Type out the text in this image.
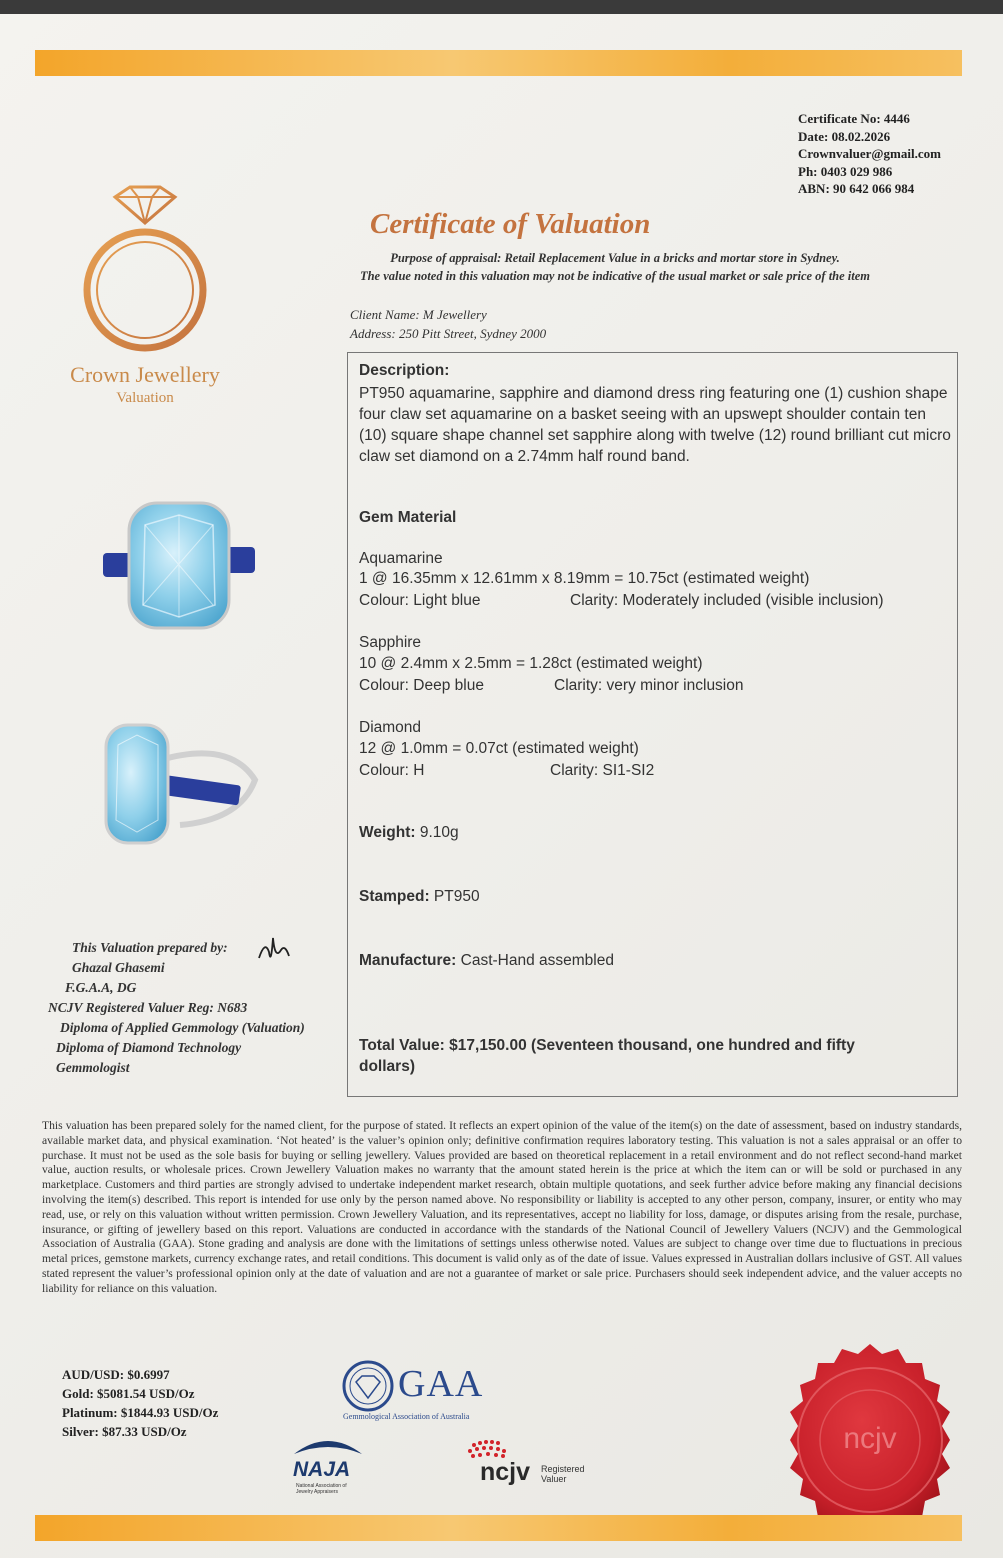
Certificate No: 4446
Date: 08.02.2026
Crownvaluer@gmail.com
Ph: 0403 029 986
ABN: 90 642 066 984
Crown Jewellery
Valuation
Certificate of Valuation
Purpose of appraisal: Retail Replacement Value in a bricks and mortar store in Sydney.
The value noted in this valuation may not be indicative of the usual market or sale price of the item
Client Name: M Jewellery
Address: 250 Pitt Street, Sydney 2000
Description:
PT950 aquamarine, sapphire and diamond dress ring featuring one (1) cushion shape four claw set aquamarine on a basket seeing with an upswept shoulder contain ten (10) square shape channel set sapphire along with twelve (12) round brilliant cut micro claw set diamond on a 2.74mm half round band.
Gem Material
Aquamarine
1 @ 16.35mm x 12.61mm x 8.19mm = 10.75ct (estimated weight)
Colour: Light blue	Clarity: Moderately included (visible inclusion)
Sapphire
10 @ 2.4mm x 2.5mm = 1.28ct (estimated weight)
Colour: Deep blue	Clarity: very minor inclusion
Diamond
12 @ 1.0mm = 0.07ct (estimated weight)
Colour: H	Clarity: SI1-SI2
Weight: 9.10g
Stamped: PT950
Manufacture: Cast-Hand assembled
Total Value: $17,150.00 (Seventeen thousand, one hundred and fifty
dollars)
This Valuation prepared by:
Ghazal Ghasemi
F.G.A.A, DG
NCJV Registered Valuer Reg: N683
Diploma of Applied Gemmology (Valuation)
Diploma of Diamond Technology
Gemmologist
This valuation has been prepared solely for the named client, for the purpose of stated. It reflects an expert opinion of the value of the item(s) on the date of assessment, based on industry standards, available market data, and physical examination. ‘Not heated’ is the valuer’s opinion only; definitive confirmation requires laboratory testing. This valuation is not a sales appraisal or an offer to purchase. It must not be used as the sole basis for buying or selling jewellery. Values provided are based on theoretical replacement in a retail environment and do not reflect second-hand market value, auction results, or wholesale prices. Crown Jewellery Valuation makes no warranty that the amount stated herein is the price at which the item can or will be sold or purchased in any marketplace. Customers and third parties are strongly advised to undertake independent market research, obtain multiple quotations, and seek further advice before making any financial decisions involving the item(s) described. This report is intended for use only by the person named above. No responsibility or liability is accepted to any other person, company, insurer, or entity who may read, use, or rely on this valuation without written permission. Crown Jewellery Valuation, and its representatives, accept no liability for loss, damage, or disputes arising from the resale, purchase, insurance, or gifting of jewellery based on this report. Valuations are conducted in accordance with the standards of the National Council of Jewellery Valuers (NCJV) and the Gemmological Association of Australia (GAA). Stone grading and analysis are done with the limitations of settings unless otherwise noted. Values are subject to change over time due to fluctuations in precious metal prices, gemstone markets, currency exchange rates, and retail conditions. This document is valid only as of the date of issue. Values expressed in Australian dollars inclusive of GST. All values stated represent the valuer’s professional opinion only at the date of valuation and are not a guarantee of market or sale price. Purchasers should seek independent advice, and the valuer accepts no liability for reliance on this valuation.
AUD/USD: $0.6997
Gold: $5081.54 USD/Oz
Platinum: $1844.93 USD/Oz
Silver: $87.33 USD/Oz
GAA
Gemmological Association of Australia
NAJA
National Association of Jewelry Appraisers
ncjv Registered
Valuer
ncjv
